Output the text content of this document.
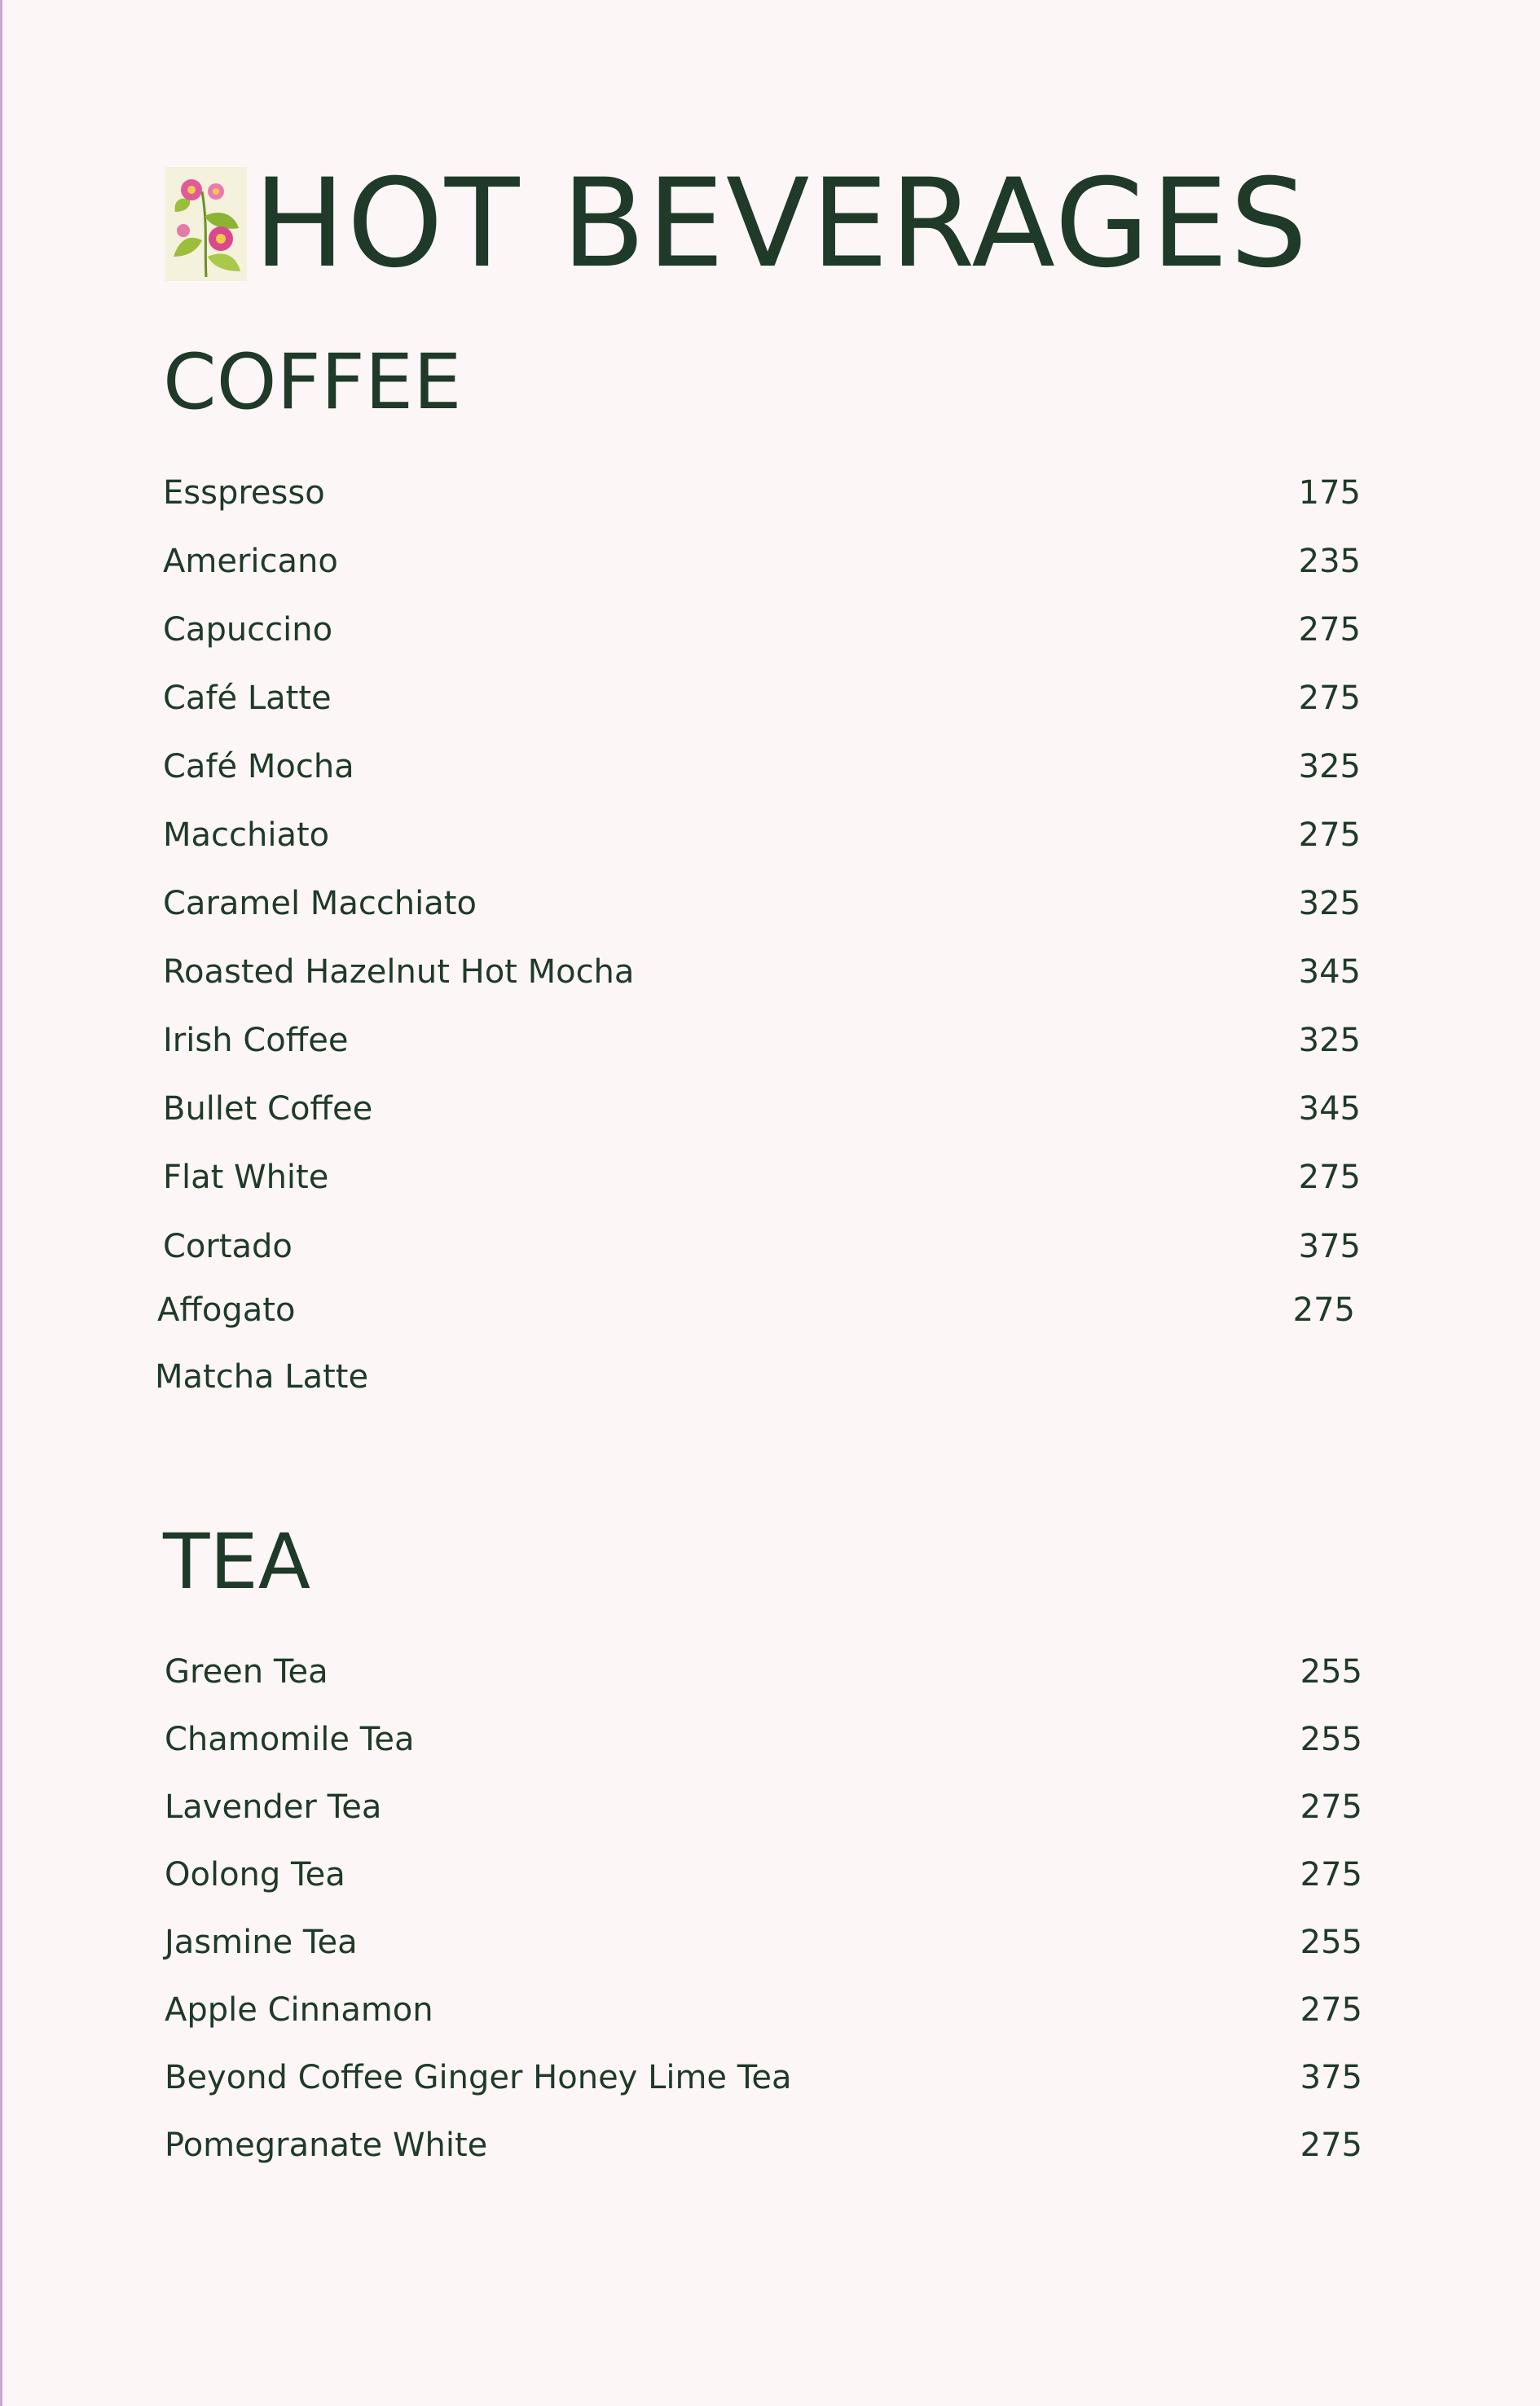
HOT BEVERAGES
COFFEE
Esspresso	175
Americano	235
Capuccino	275
Café Latte	275
Café Mocha	325
Macchiato	275
Caramel Macchiato	325
Roasted Hazelnut Hot Mocha	345
Irish Coffee	325
Bullet Coffee	345
Flat White	275
Cortado	375
Affogato	275
Matcha Latte
TEA
Green Tea	255
Chamomile Tea	255
Lavender Tea	275
Oolong Tea	275
Jasmine Tea	255
Apple Cinnamon	275
Beyond Coffee Ginger Honey Lime Tea	375
Pomegranate White	275
